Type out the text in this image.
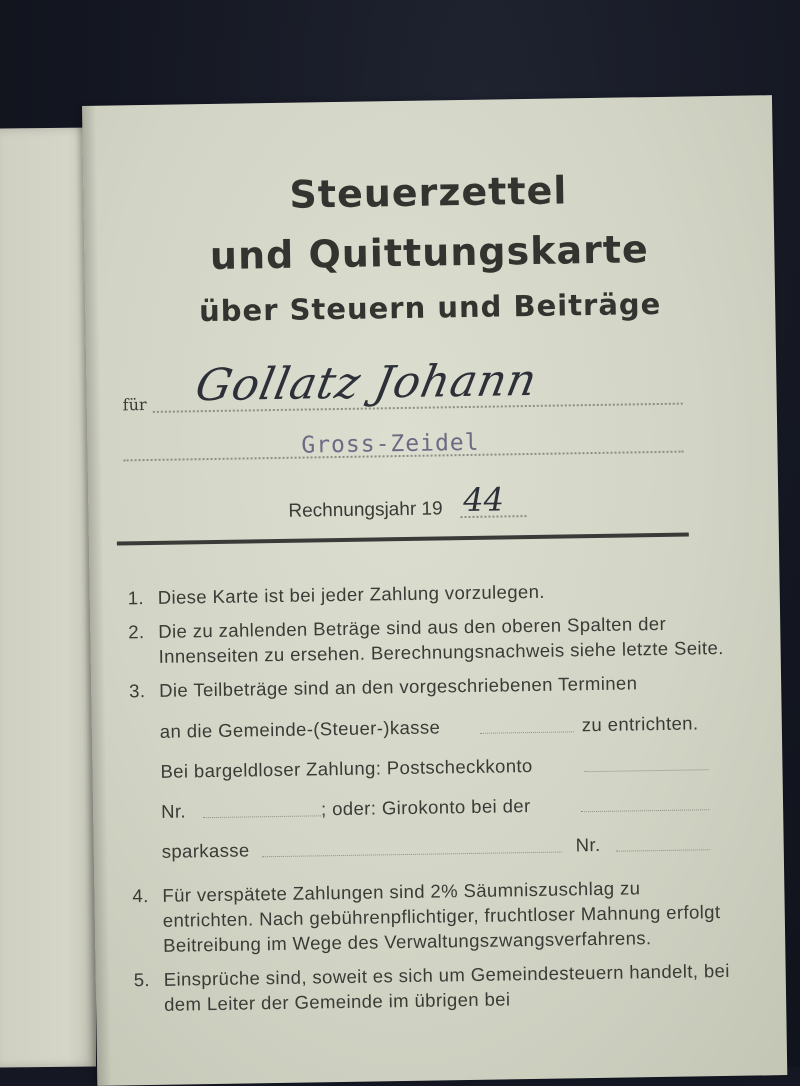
Steuerzettel
und Quittungskarte
über Steuern und Beiträge
für Gollatz Johann
Gross-Zeidel
Rechnungsjahr 19 44
1. Diese Karte ist bei jeder Zahlung vorzulegen.
2. Die zu zahlenden Beträge sind aus den oberen Spalten der Innenseiten zu ersehen. Berechnungsnachweis siehe letzte Seite.
3. Die Teilbeträge sind an den vorgeschriebenen Terminen
an die Gemeinde-(Steuer-)kasse	zu entrichten.
Bei bargeldloser Zahlung: Postscheckkonto
Nr.	; oder: Girokonto bei der
sparkasse	Nr.
4. Für verspätete Zahlungen sind 2% Säumniszuschlag zu entrichten. Nach gebührenpflichtiger, fruchtloser Mahnung erfolgt Beitreibung im Wege des Verwaltungszwangsverfahrens.
5. Einsprüche sind, soweit es sich um Gemeindesteuern handelt, bei dem Leiter der Gemeinde im übrigen bei
